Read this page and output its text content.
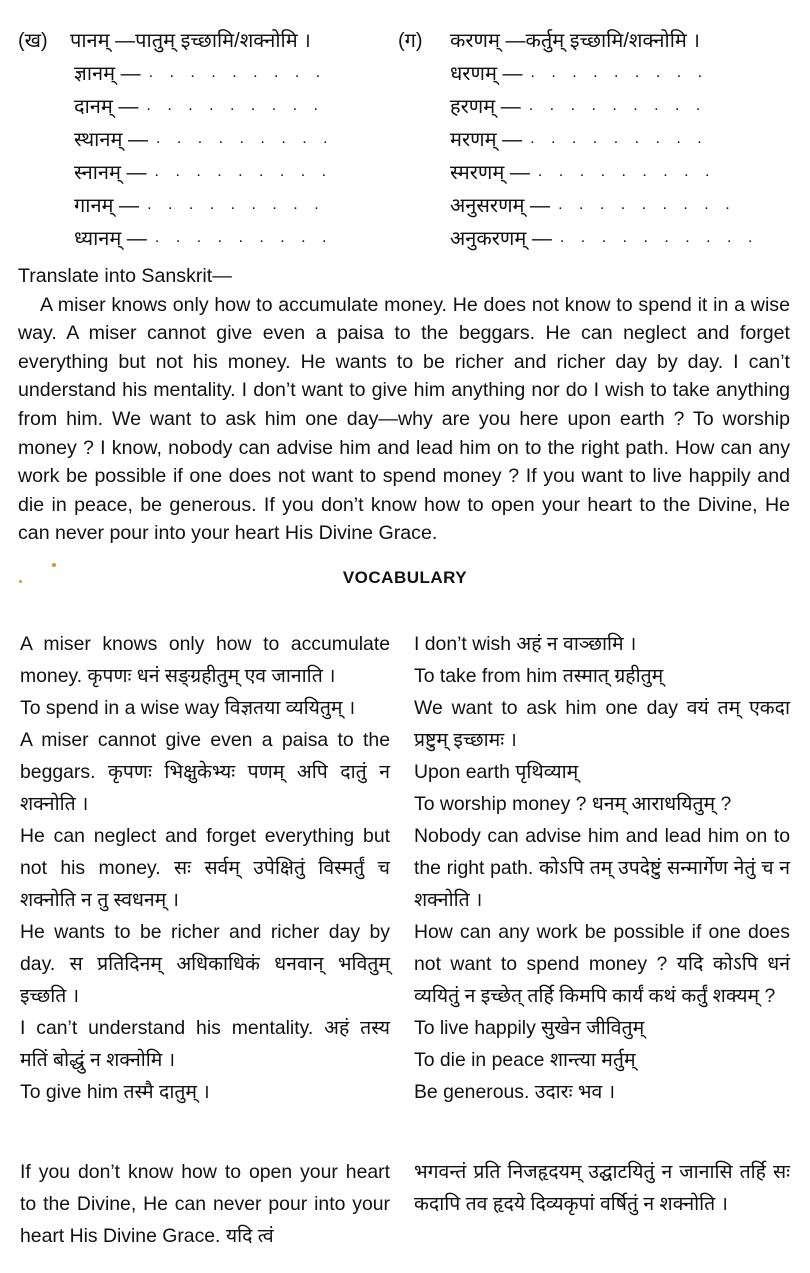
(ख)	पानम् —पातुम् इच्छामि/शक्नोमि ।
ज्ञानम् — . . . . . . . . .
दानम् — . . . . . . . . .
स्थानम् — . . . . . . . . .
स्नानम् — . . . . . . . . .
गानम् — . . . . . . . . .
ध्यानम् — . . . . . . . . .
(ग)	करणम् —कर्तुम् इच्छामि/शक्नोमि ।
धरणम् — . . . . . . . . .
हरणम् — . . . . . . . . .
मरणम् — . . . . . . . . .
स्मरणम् — . . . . . . . . .
अनुसरणम् — . . . . . . . . .
अनुकरणम् — . . . . . . . . . .

Translate into Sanskrit—

A miser knows only how to accumulate money. He does not know to spend it in a wise way. A miser cannot give even a paisa to the beggars. He can neglect and forget everything but not his money. He wants to be richer and richer day by day. I can’t understand his mentality. I don’t want to give him anything nor do I wish to take anything from him. We want to ask him one day—why are you here upon earth ? To worship money ? I know, nobody can advise him and lead him on to the right path. How can any work be possible if one does not want to spend money ? If you want to live happily and die in peace, be generous. If you don’t know how to open your heart to the Divine, He can never pour into your heart His Divine Grace.

VOCABULARY

A miser knows only how to accumulate money. कृपणः धनं सङ्ग्रहीतुम् एव जानाति ।

To spend in a wise way विज्ञतया व्ययितुम् ।

A miser cannot give even a paisa to the beggars. कृपणः भिक्षुकेभ्यः पणम् अपि दातुं न शक्नोति ।

He can neglect and forget everything but not his money. सः सर्वम् उपेक्षितुं विस्मर्तुं च शक्नोति न तु स्वधनम् ।

He wants to be richer and richer day by day. स प्रतिदिनम् अधिकाधिकं धनवान् भवितुम् इच्छति ।

I can’t understand his mentality. अहं तस्य मतिं बोद्धुं न शक्नोमि ।

To give him तस्मै दातुम् ।

I don’t wish अहं न वाञ्छामि ।

To take from him तस्मात् ग्रहीतुम्

We want to ask him one day वयं तम् एकदा प्रष्टुम् इच्छामः ।

Upon earth पृथिव्याम्

To worship money ? धनम् आराधयितुम् ?

Nobody can advise him and lead him on to the right path. कोऽपि तम् उपदेष्टुं सन्मार्गेण नेतुं च न शक्नोति ।

How can any work be possible if one does not want to spend money ? यदि कोऽपि धनं व्ययितुं न इच्छेत् तर्हि किमपि कार्यं कथं कर्तुं शक्यम् ?

To live happily सुखेन जीवितुम्

To die in peace शान्त्या मर्तुम्

Be generous. उदारः भव ।

If you don’t know how to open your heart to the Divine, He can never pour into your heart His Divine Grace. यदि त्वं

भगवन्तं प्रति निजहृदयम् उद्घाटयितुं न जानासि तर्हि सः कदापि तव हृदये दिव्यकृपां वर्षितुं न शक्नोति ।
